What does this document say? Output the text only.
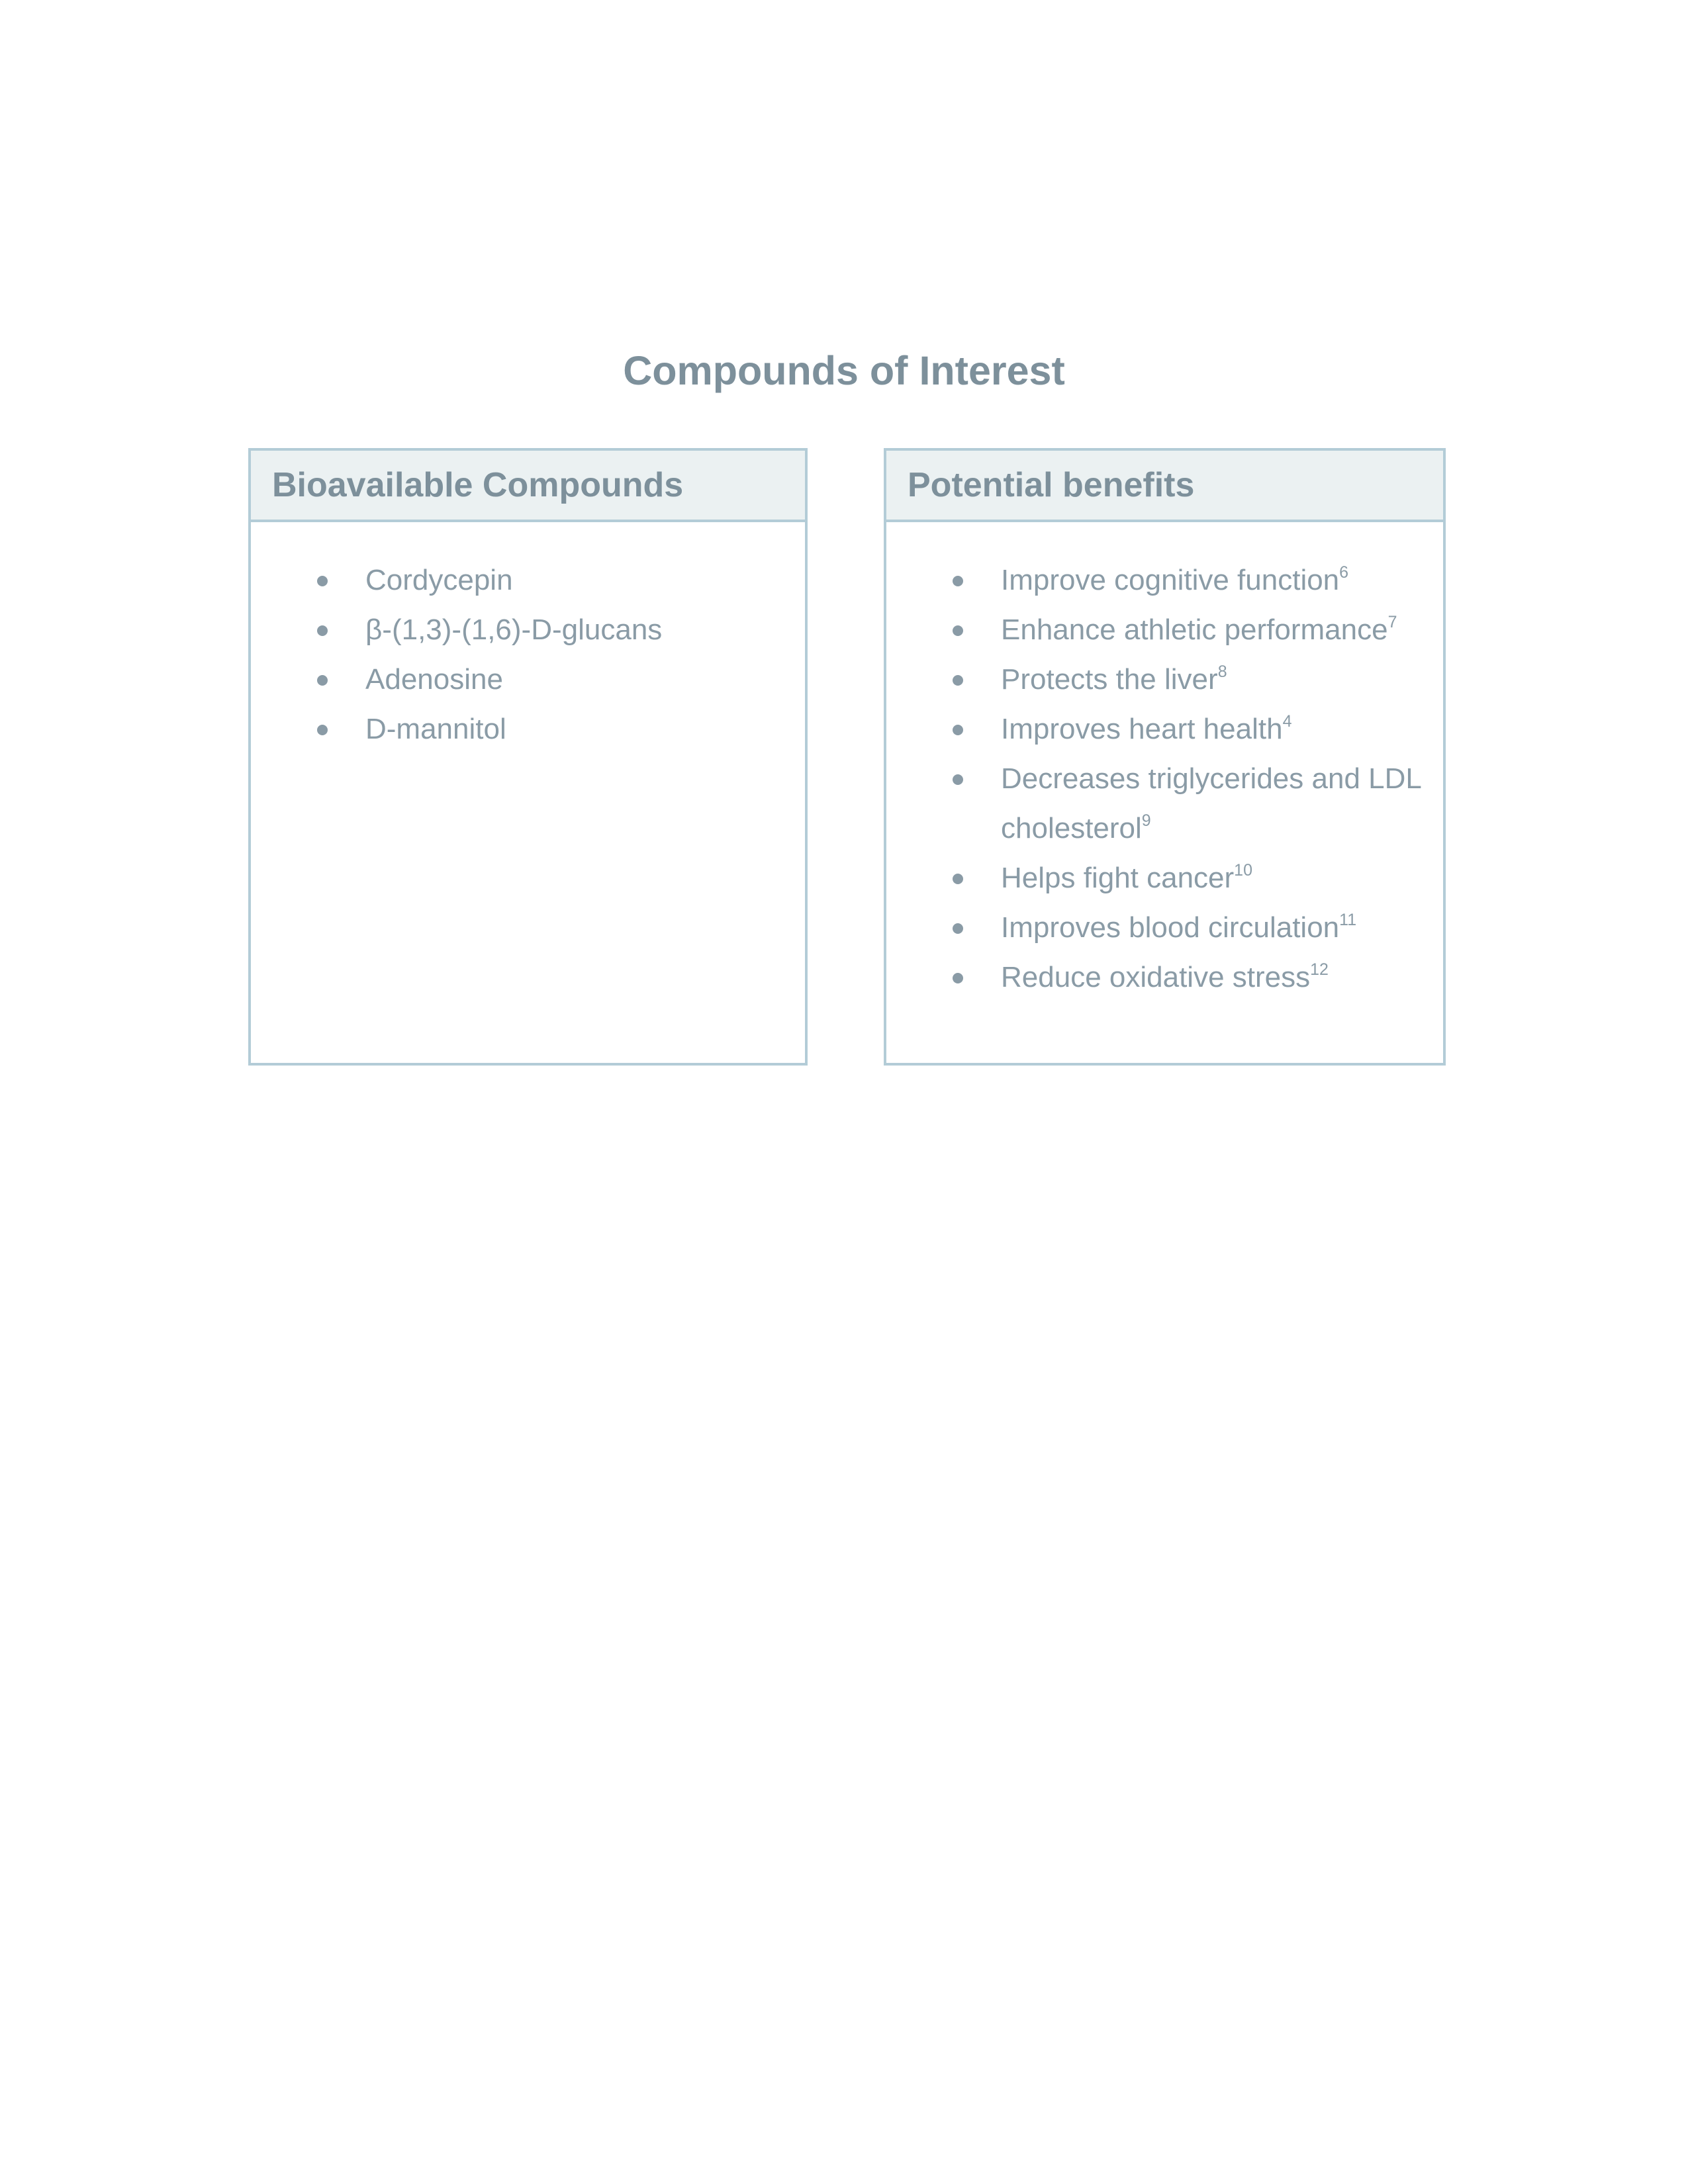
Compounds of Interest
Bioavailable Compounds
Cordycepin
β-(1,3)-(1,6)-D-glucans
Adenosine
D-mannitol
Potential benefits
Improve cognitive function$^6$
Enhance athletic performance$^7$
Protects the liver$^8$
Improves heart health$^4$
Decreases triglycerides and LDL cholesterol$^9$
Helps fight cancer$^{10}$
Improves blood circulation$^{11}$
Reduce oxidative stress$^{12}$
